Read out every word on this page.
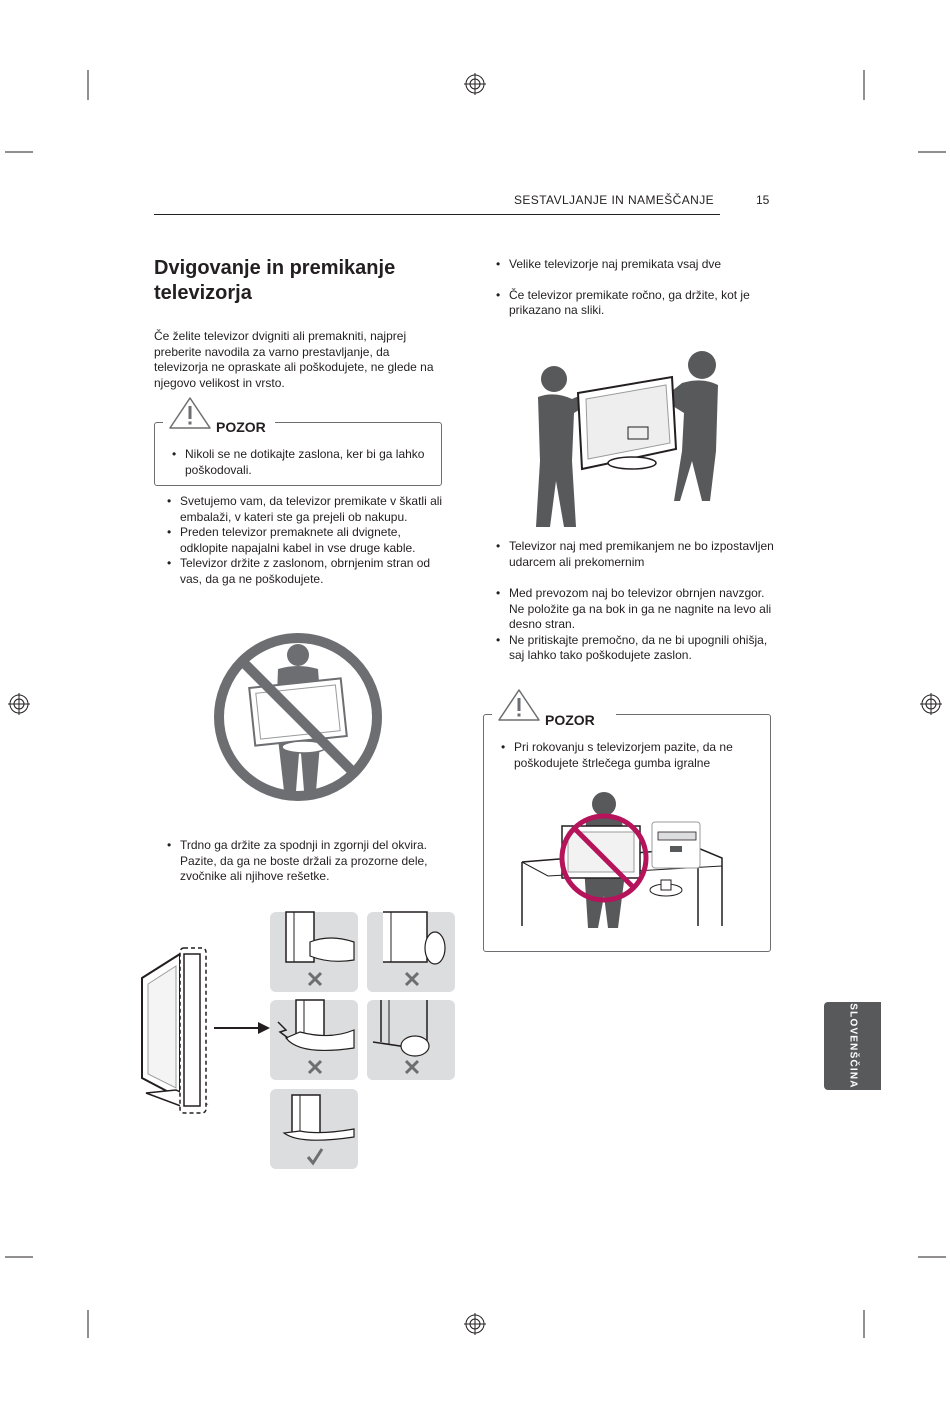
SESTAVLJANJE IN NAMEŠČANJE	15
Dvigovanje in premikanje televizorja
Če želite televizor dvigniti ali premakniti, najprej preberite navodila za varno prestavljanje, da televizorja ne opraskate ali poškodujete, ne glede na njegovo velikost in vrsto.
POZOR
• Nikoli se ne dotikajte zaslona, ker bi ga lahko poškodovali.
• Svetujemo vam, da televizor premikate v škatli ali embalaži, v kateri ste ga prejeli ob nakupu.
• Preden televizor premaknete ali dvignete, odklopite napajalni kabel in vse druge kable.
• Televizor držite z zaslonom, obrnjenim stran od vas, da ga ne poškodujete.
• Trdno ga držite za spodnji in zgornji del okvira. Pazite, da ga ne boste držali za prozorne dele, zvočnike ali njihove rešetke.
• Velike televizorje naj premikata vsaj dve
• Če televizor premikate ročno, ga držite, kot je prikazano na sliki.
• Televizor naj med premikanjem ne bo izpostavljen udarcem ali prekomernim
• Med prevozom naj bo televizor obrnjen navzgor. Ne položite ga na bok in ga ne nagnite na levo ali desno stran.
• Ne pritiskajte premočno, da ne bi upognili ohišja, saj lahko tako poškodujete zaslon.
POZOR
• Pri rokovanju s televizorjem pazite, da ne poškodujete štrlečega gumba igralne
SLOVENŠČINA
